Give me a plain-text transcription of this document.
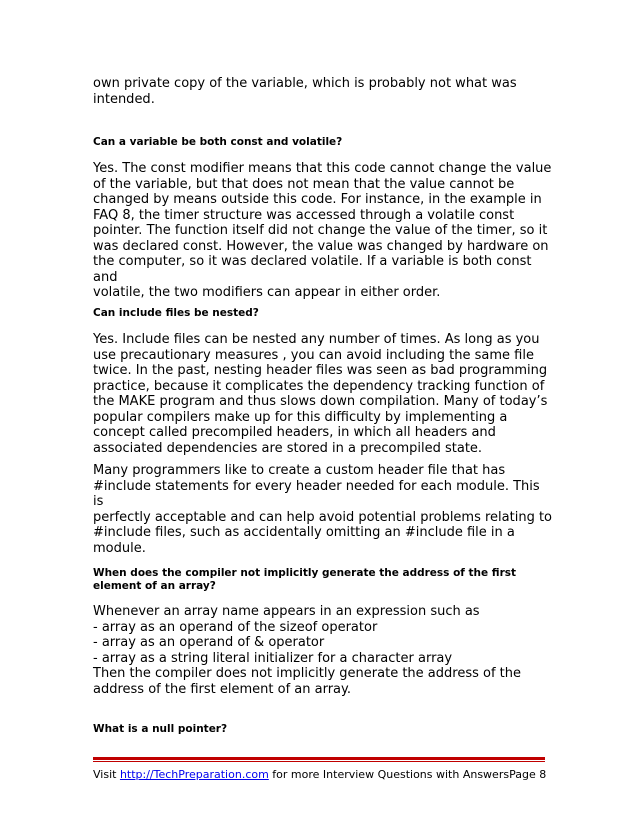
own private copy of the variable, which is probably not what was
intended.

Can a variable be both const and volatile?

Yes. The const modifier means that this code cannot change the value
of the variable, but that does not mean that the value cannot be
changed by means outside this code. For instance, in the example in
FAQ 8, the timer structure was accessed through a volatile const
pointer. The function itself did not change the value of the timer, so it
was declared const. However, the value was changed by hardware on
the computer, so it was declared volatile. If a variable is both const and
volatile, the two modifiers can appear in either order.

Can include files be nested?

Yes. Include files can be nested any number of times. As long as you
use precautionary measures , you can avoid including the same file
twice. In the past, nesting header files was seen as bad programming
practice, because it complicates the dependency tracking function of
the MAKE program and thus slows down compilation. Many of today’s
popular compilers make up for this difficulty by implementing a
concept called precompiled headers, in which all headers and
associated dependencies are stored in a precompiled state.

Many programmers like to create a custom header file that has
#include statements for every header needed for each module. This is
perfectly acceptable and can help avoid potential problems relating to
#include files, such as accidentally omitting an #include file in a
module.

When does the compiler not implicitly generate the address of the first
element of an array?

Whenever an array name appears in an expression such as
- array as an operand of the sizeof operator
- array as an operand of & operator
- array as a string literal initializer for a character array
Then the compiler does not implicitly generate the address of the
address of the first element of an array.

What is a null pointer?

Visit http://TechPreparation.com for more Interview Questions with Answers Page 8
